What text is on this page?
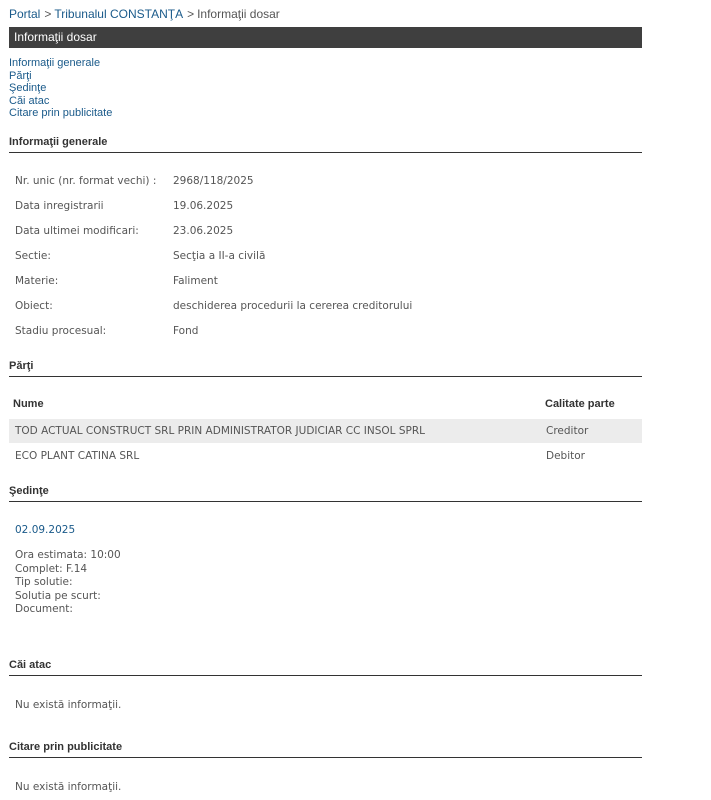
Portal > Tribunalul CONSTANŢA > Informaţii dosar
Informaţii dosar
Informaţii generale
Părţi
Şedinţe
Căi atac
Citare prin publicitate
Informaţii generale
Nr. unic (nr. format vechi) : 2968/118/2025
Data inregistrarii	19.06.2025
Data ultimei modificari:	23.06.2025
Sectie:	Secţia a II-a civilă
Materie:	Faliment
Obiect:	deschiderea procedurii la cererea creditorului
Stadiu procesual:	Fond
Părţi
Nume	Calitate parte
TOD ACTUAL CONSTRUCT SRL PRIN ADMINISTRATOR JUDICIAR CC INSOL SPRL	Creditor
ECO PLANT CATINA SRL	Debitor
Şedinţe
02.09.2025
Ora estimata: 10:00
Complet: F.14
Tip solutie:
Solutia pe scurt:
Document:
Căi atac
Nu există informaţii.
Citare prin publicitate
Nu există informaţii.
